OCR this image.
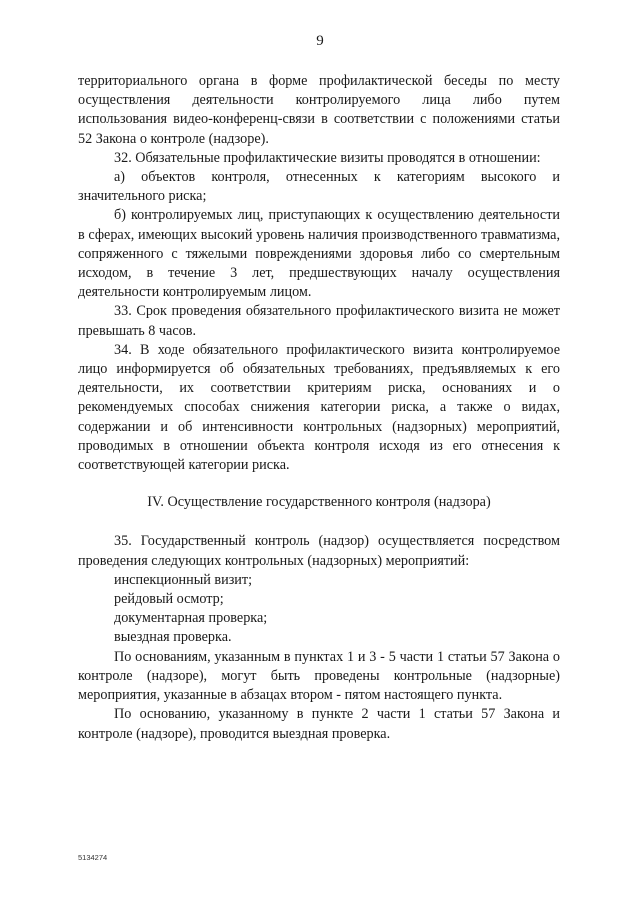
9

территориального органа в форме профилактической беседы по месту осуществления деятельности контролируемого лица либо путем использования видео-конференц-связи в соответствии с положениями статьи 52 Закона о контроле (надзоре).

32. Обязательные профилактические визиты проводятся в отношении:

а) объектов контроля, отнесенных к категориям высокого и значительного риска;

б) контролируемых лиц, приступающих к осуществлению деятельности в сферах, имеющих высокий уровень наличия производственного травматизма, сопряженного с тяжелыми повреждениями здоровья либо со смертельным исходом, в течение 3 лет, предшествующих началу осуществления деятельности контролируемым лицом.

33. Срок проведения обязательного профилактического визита не может превышать 8 часов.

34. В ходе обязательного профилактического визита контролируемое лицо информируется об обязательных требованиях, предъявляемых к его деятельности, их соответствии критериям риска, основаниях и о рекомендуемых способах снижения категории риска, а также о видах, содержании и об интенсивности контрольных (надзорных) мероприятий, проводимых в отношении объекта контроля исходя из его отнесения к соответствующей категории риска.

IV. Осуществление государственного контроля (надзора)

35. Государственный контроль (надзор) осуществляется посредством проведения следующих контрольных (надзорных) мероприятий:

инспекционный визит;

рейдовый осмотр;

документарная проверка;

выездная проверка.

По основаниям, указанным в пунктах 1 и 3 - 5 части 1 статьи 57 Закона о контроле (надзоре), могут быть проведены контрольные (надзорные) мероприятия, указанные в абзацах втором - пятом настоящего пункта.

По основанию, указанному в пункте 2 части 1 статьи 57 Закона и контроле (надзоре), проводится выездная проверка.

5134274
